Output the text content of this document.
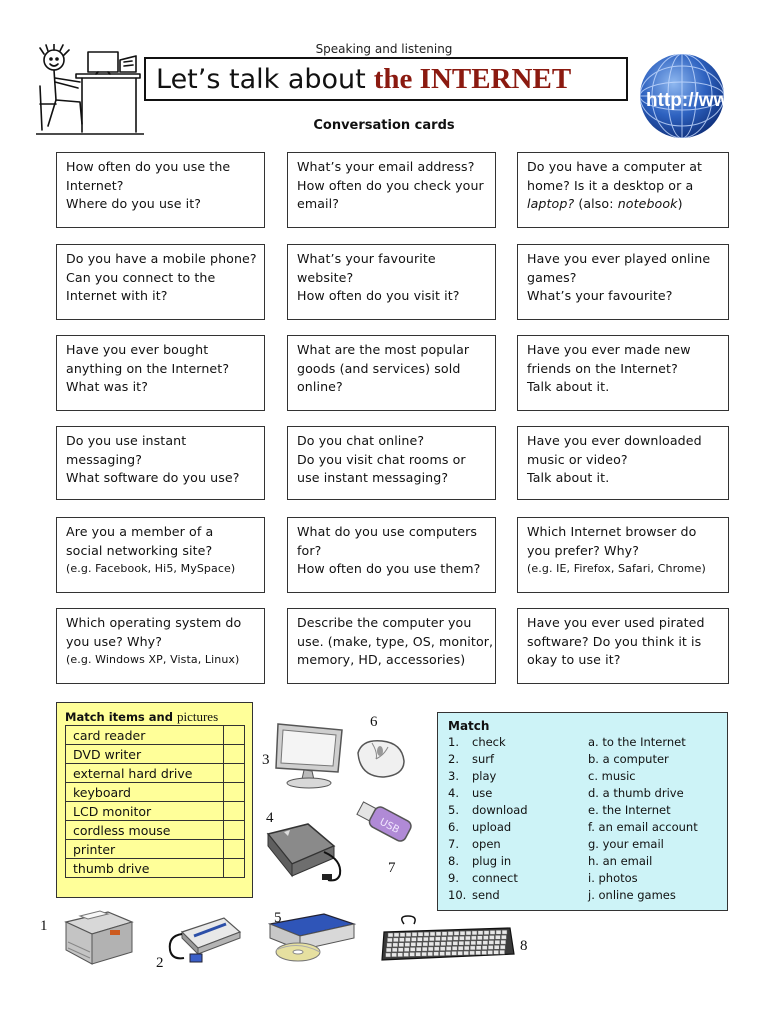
Speaking and listening
Let’s talk about the INTERNET
http://ww
Conversation cards
How often do you use the
Internet?
Where do you use it?
What’s your email address?
How often do you check your
email?
Do you have a computer at
home? Is it a desktop or a
laptop? (also: notebook)
Do you have a mobile phone?
Can you connect to the
Internet with it?
What’s your favourite
website?
How often do you visit it?
Have you ever played online
games?
What’s your favourite?
Have you ever bought
anything on the Internet?
What was it?
What are the most popular
goods (and services) sold
online?
Have you ever made new
friends on the Internet?
Talk about it.
Do you use instant
messaging?
What software do you use?
Do you chat online?
Do you visit chat rooms or
use instant messaging?
Have you ever downloaded
music or video?
Talk about it.
Are you a member of a
social networking site?
(e.g. Facebook, Hi5, MySpace)
What do you use computers
for?
How often do you use them?
Which Internet browser do
you prefer? Why?
(e.g. IE, Firefox, Safari, Chrome)
Which operating system do
you use? Why?
(e.g. Windows XP, Vista, Linux)
Describe the computer you
use. (make, type, OS, monitor,
memory, HD, accessories)
Have you ever used pirated
software? Do you think it is
okay to use it?
Match items and pictures
card reader	
DVD writer	
external hard drive	
keyboard	
LCD monitor	
cordless mouse	
printer	
thumb drive	
3
6
4	USB
7
1
2
5
8
Match
1. check	a. to the Internet
2. surf	b. a computer
3. play	c. music
4. use	d. a thumb drive
5. download	e. the Internet
6. upload	f. an email account
7. open	g. your email
8. plug in	h. an email
9. connect	i. photos
10. send	j. online games
